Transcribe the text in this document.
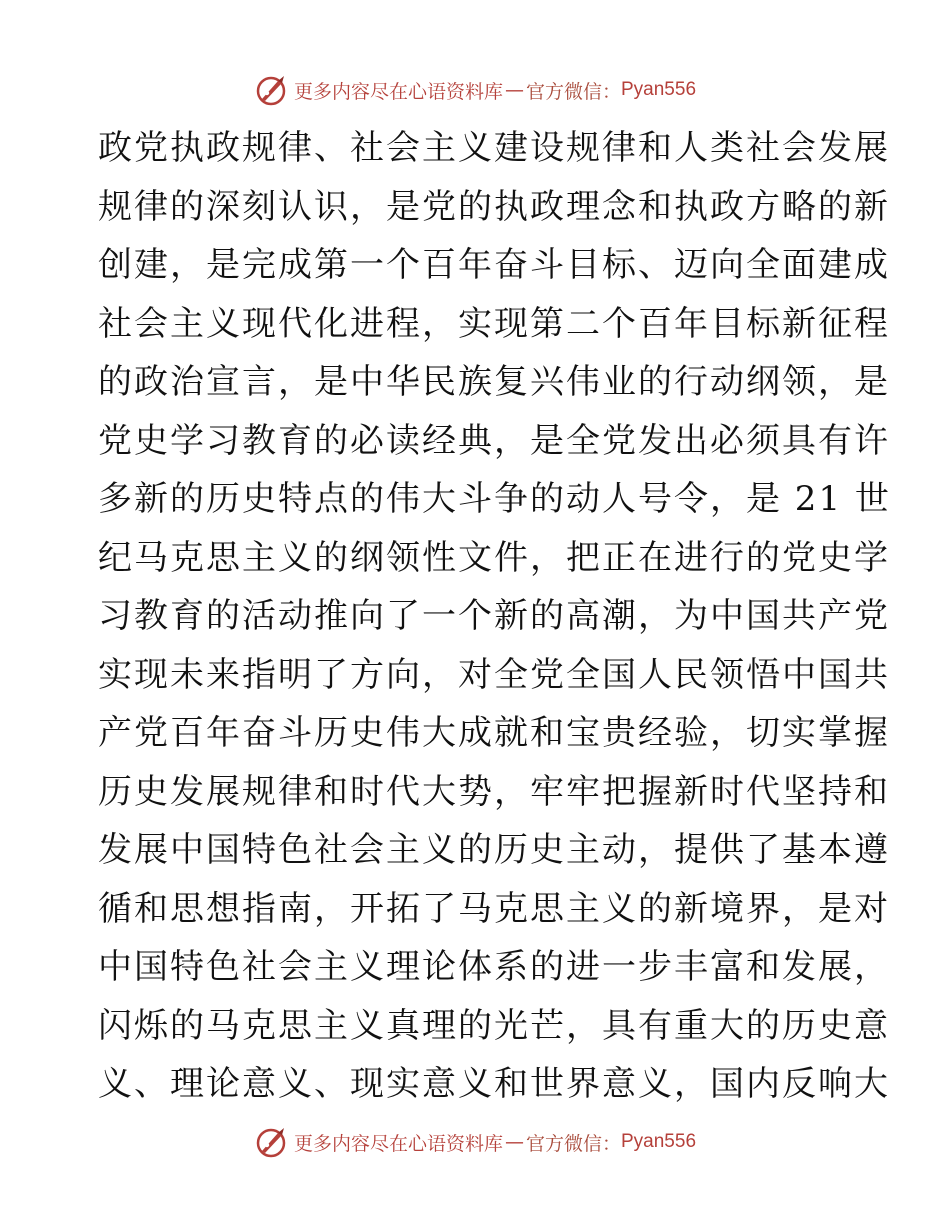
更多内容尽在心语资料库 — 官方微信： Pyan556
政党执政规律、社会主义建设规律和人类社会发展
规律的深刻认识，是党的执政理念和执政方略的新
创建，是完成第一个百年奋斗目标、迈向全面建成
社会主义现代化进程，实现第二个百年目标新征程
的政治宣言，是中华民族复兴伟业的行动纲领，是
党史学习教育的必读经典，是全党发出必须具有许
多新的历史特点的伟大斗争的动人号令，是 21 世
纪马克思主义的纲领性文件，把正在进行的党史学
习教育的活动推向了一个新的高潮，为中国共产党
实现未来指明了方向，对全党全国人民领悟中国共
产党百年奋斗历史伟大成就和宝贵经验，切实掌握
历史发展规律和时代大势，牢牢把握新时代坚持和
发展中国特色社会主义的历史主动，提供了基本遵
循和思想指南，开拓了马克思主义的新境界，是对
中国特色社会主义理论体系的进一步丰富和发展，
闪烁的马克思主义真理的光芒，具有重大的历史意
义、理论意义、现实意义和世界意义，国内反响大
更多内容尽在心语资料库 — 官方微信： Pyan556
